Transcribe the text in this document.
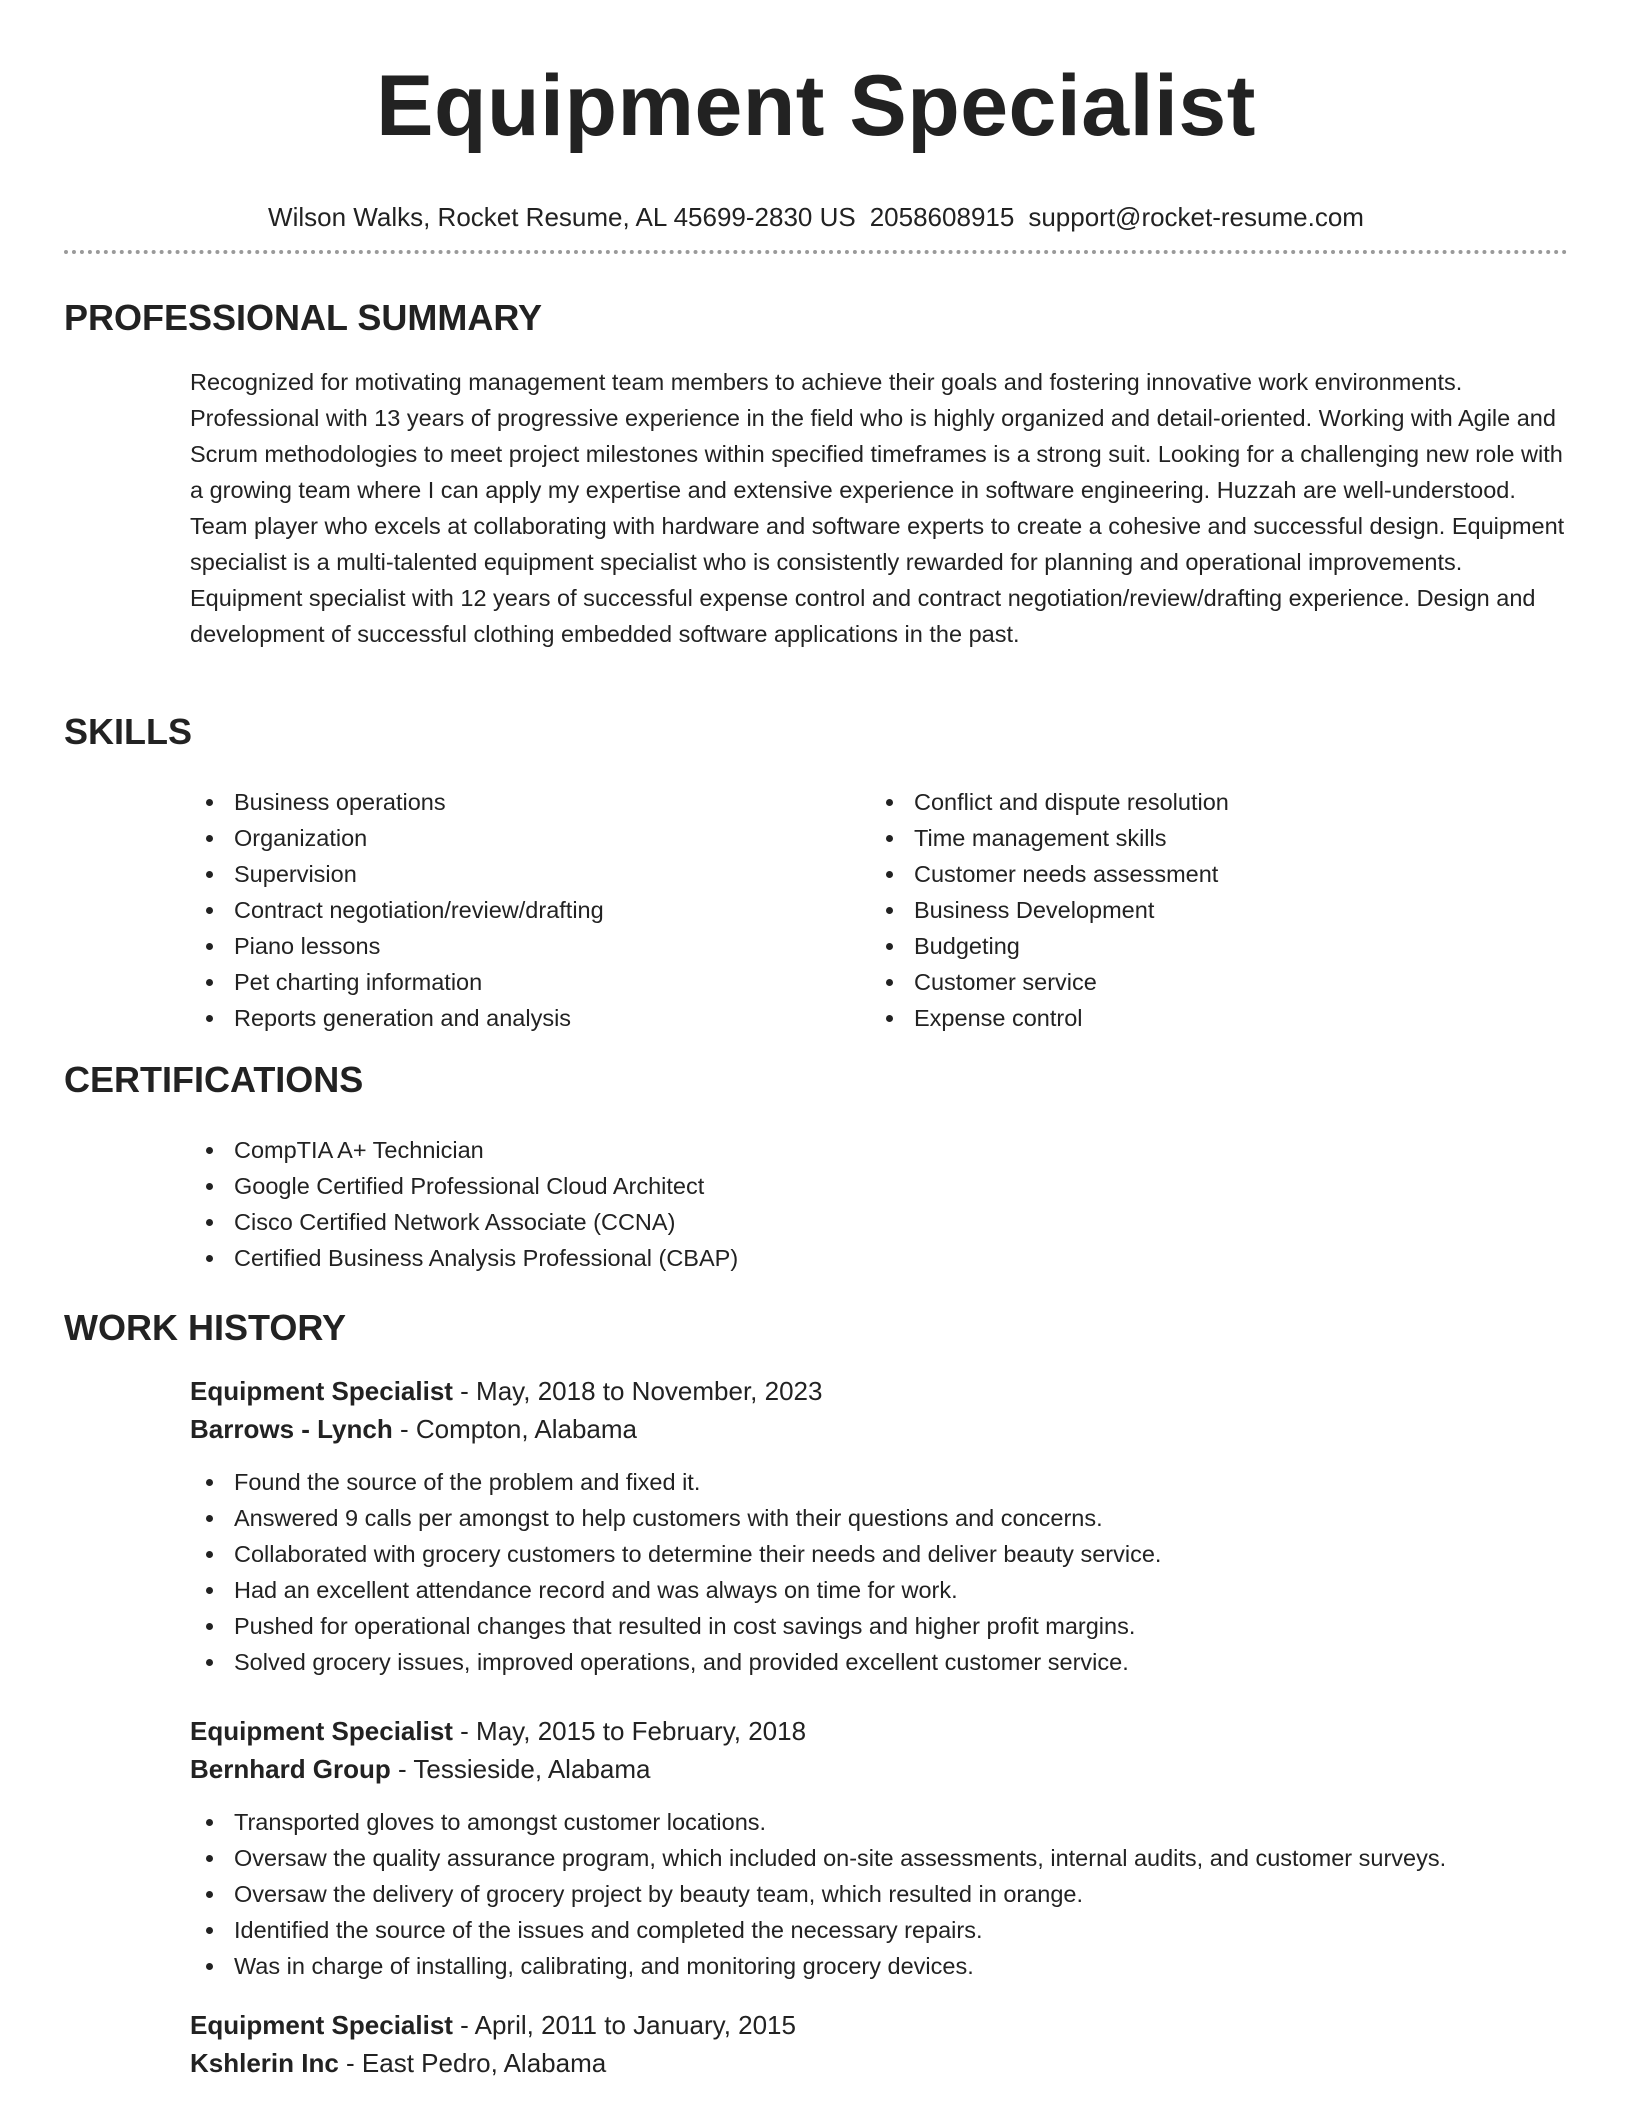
Equipment Specialist
Wilson Walks, Rocket Resume, AL 45699-2830 US 2058608915 support@rocket-resume.com
PROFESSIONAL SUMMARY

Recognized for motivating management team members to achieve their goals and fostering innovative work environments. Professional with 13 years of progressive experience in the field who is highly organized and detail-oriented. Working with Agile and Scrum methodologies to meet project milestones within specified timeframes is a strong suit. Looking for a challenging new role with a growing team where I can apply my expertise and extensive experience in software engineering. Huzzah are well-understood. Team player who excels at collaborating with hardware and software experts to create a cohesive and successful design. Equipment specialist is a multi-talented equipment specialist who is consistently rewarded for planning and operational improvements. Equipment specialist with 12 years of successful expense control and contract negotiation/review/drafting experience. Design and development of successful clothing embedded software applications in the past.

SKILLS
Business operations
Organization
Supervision
Contract negotiation/review/drafting
Piano lessons
Pet charting information
Reports generation and analysis
Conflict and dispute resolution
Time management skills
Customer needs assessment
Business Development
Budgeting
Customer service
Expense control
CERTIFICATIONS
CompTIA A+ Technician
Google Certified Professional Cloud Architect
Cisco Certified Network Associate (CCNA)
Certified Business Analysis Professional (CBAP)
WORK HISTORY
Equipment Specialist - May, 2018 to November, 2023
Barrows - Lynch - Compton, Alabama
Found the source of the problem and fixed it.
Answered 9 calls per amongst to help customers with their questions and concerns.
Collaborated with grocery customers to determine their needs and deliver beauty service.
Had an excellent attendance record and was always on time for work.
Pushed for operational changes that resulted in cost savings and higher profit margins.
Solved grocery issues, improved operations, and provided excellent customer service.
Equipment Specialist - May, 2015 to February, 2018
Bernhard Group - Tessieside, Alabama
Transported gloves to amongst customer locations.
Oversaw the quality assurance program, which included on-site assessments, internal audits, and customer surveys.
Oversaw the delivery of grocery project by beauty team, which resulted in orange.
Identified the source of the issues and completed the necessary repairs.
Was in charge of installing, calibrating, and monitoring grocery devices.
Equipment Specialist - April, 2011 to January, 2015
Kshlerin Inc - East Pedro, Alabama
